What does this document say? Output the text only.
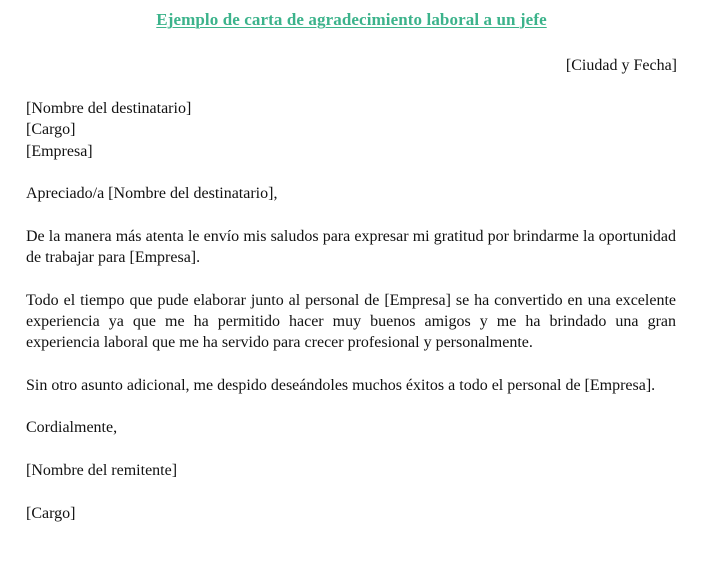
Ejemplo de carta de agradecimiento laboral a un jefe
[Ciudad y Fecha]

[Nombre del destinatario]

[Cargo]

[Empresa]

Apreciado/a [Nombre del destinatario],

De la manera más atenta le envío mis saludos para expresar mi gratitud por brindarme la oportunidad de trabajar para [Empresa].

Todo el tiempo que pude elaborar junto al personal de [Empresa] se ha convertido en una excelente experiencia ya que me ha permitido hacer muy buenos amigos y me ha brindado una gran experiencia laboral que me ha servido para crecer profesional y personalmente.

Sin otro asunto adicional, me despido deseándoles muchos éxitos a todo el personal de [Empresa].

Cordialmente,

[Nombre del remitente]

[Cargo]
